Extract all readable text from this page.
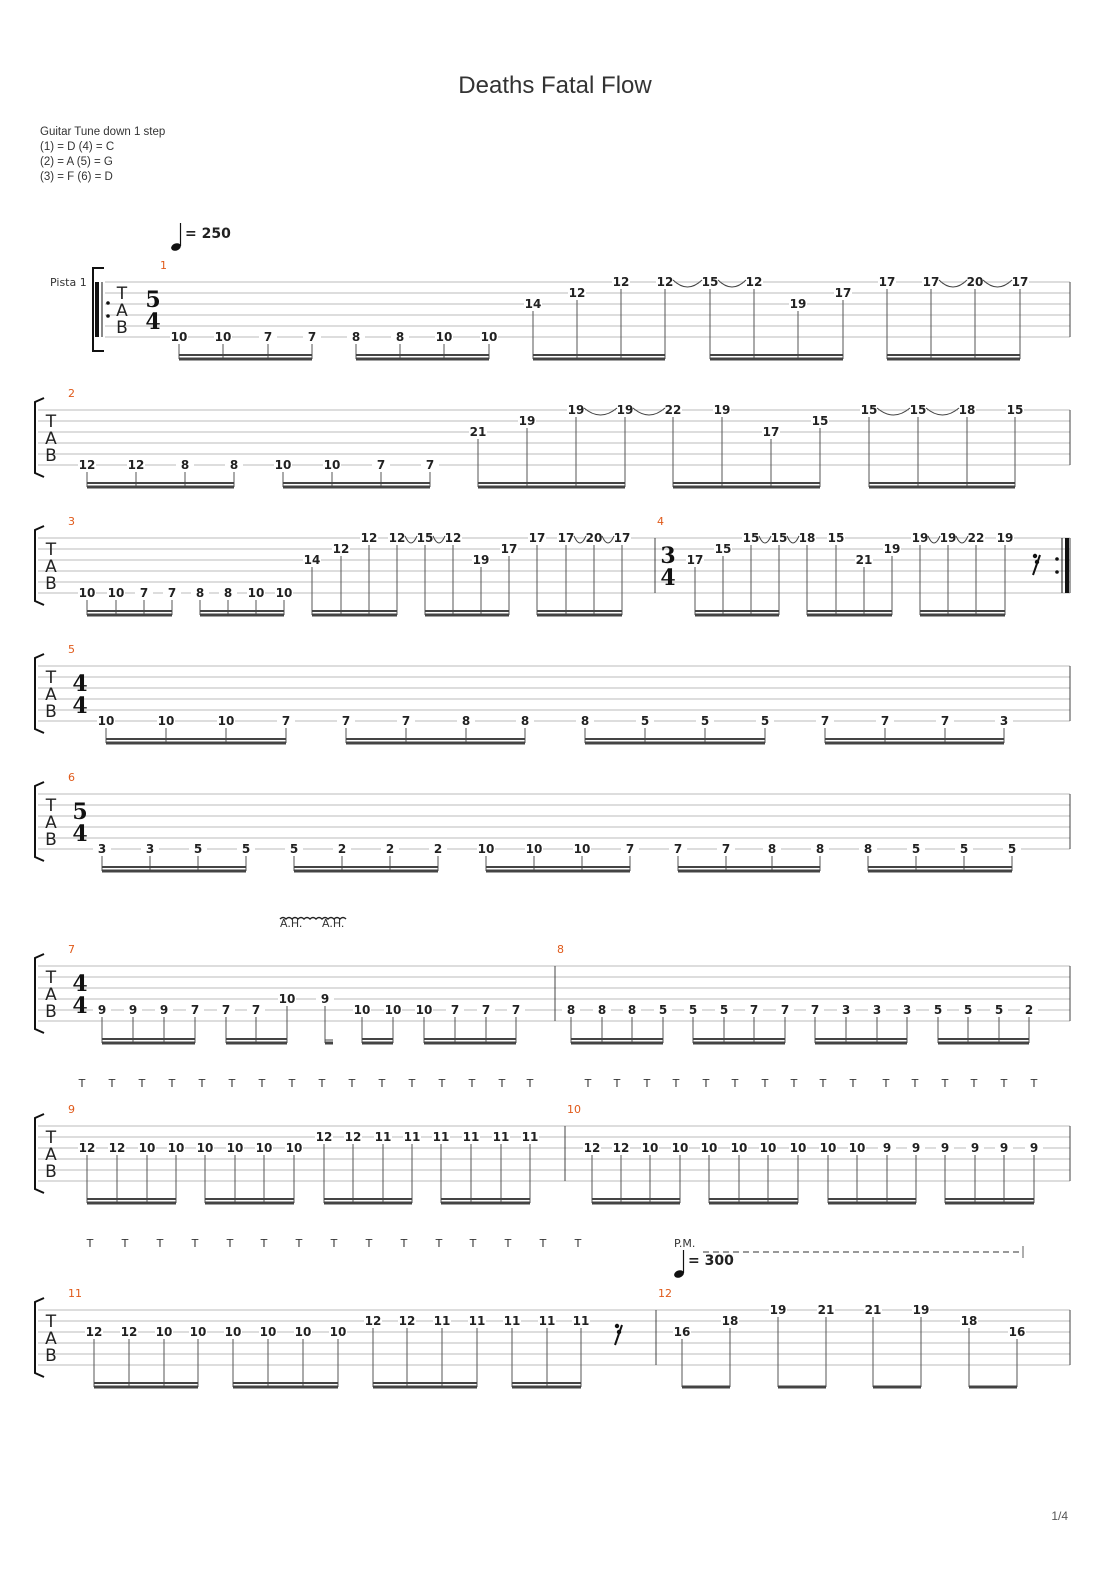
Deaths Fatal Flow
Guitar Tune down 1 step
(1) = D (4) = C
(2) = A (5) = G
(3) = F (6) = D
T
A
B
1
5
4
10 10	7	7	8	8	10 10
14
12
12 12 15 12
19
17
17 17 20 17
T
A
B
2
12	12	8	8	10	10	7	7
21
19
19	19	22	19
17
15
15	15	18	15
T
A
B
3
10 10 7 7 8 8 10 10
14
12
12 12 15 12
19
17
17 17 20 17
4
3
4
17
15
15 15 18 15
21
19
19 19 22 19
T
A
B
5
4
4
10	10	10	7	7	7	8	8	8	5	5	5	7	7	7	3
T
A
B
6
5
4
3	3	5	5	5	2	2	2	10	10	10	7	7	7	8	8	8	5	5	5
T
A
B
7
4
4 9 9 9 7 7 7
10 9
10 10 10 7 7 7
8
8 8 8 5 5 5 7 7 7 3 3 3 5 5 5 2
T
A
B
9
12 12 10 10 10 10 10 10
12 12 11 11 11 11 11 11
10
12 12 10 10 10 10 10 10 10 10 9 9 9 9 9 9
T
A
B
11
12 12 10 10 10 10 10 10
12 12 11 11 11 11 11
12
16
18
19	21	21	19
18
16
Pista 1
= 250
= 300
A.H. A.H.
P.M.
T T T T T T T T T T T T T T T T	T T T T T T T T T T T T T T T T
T	T	T	T	T T	T	T	T	T	T T	T	T	T
1/4
